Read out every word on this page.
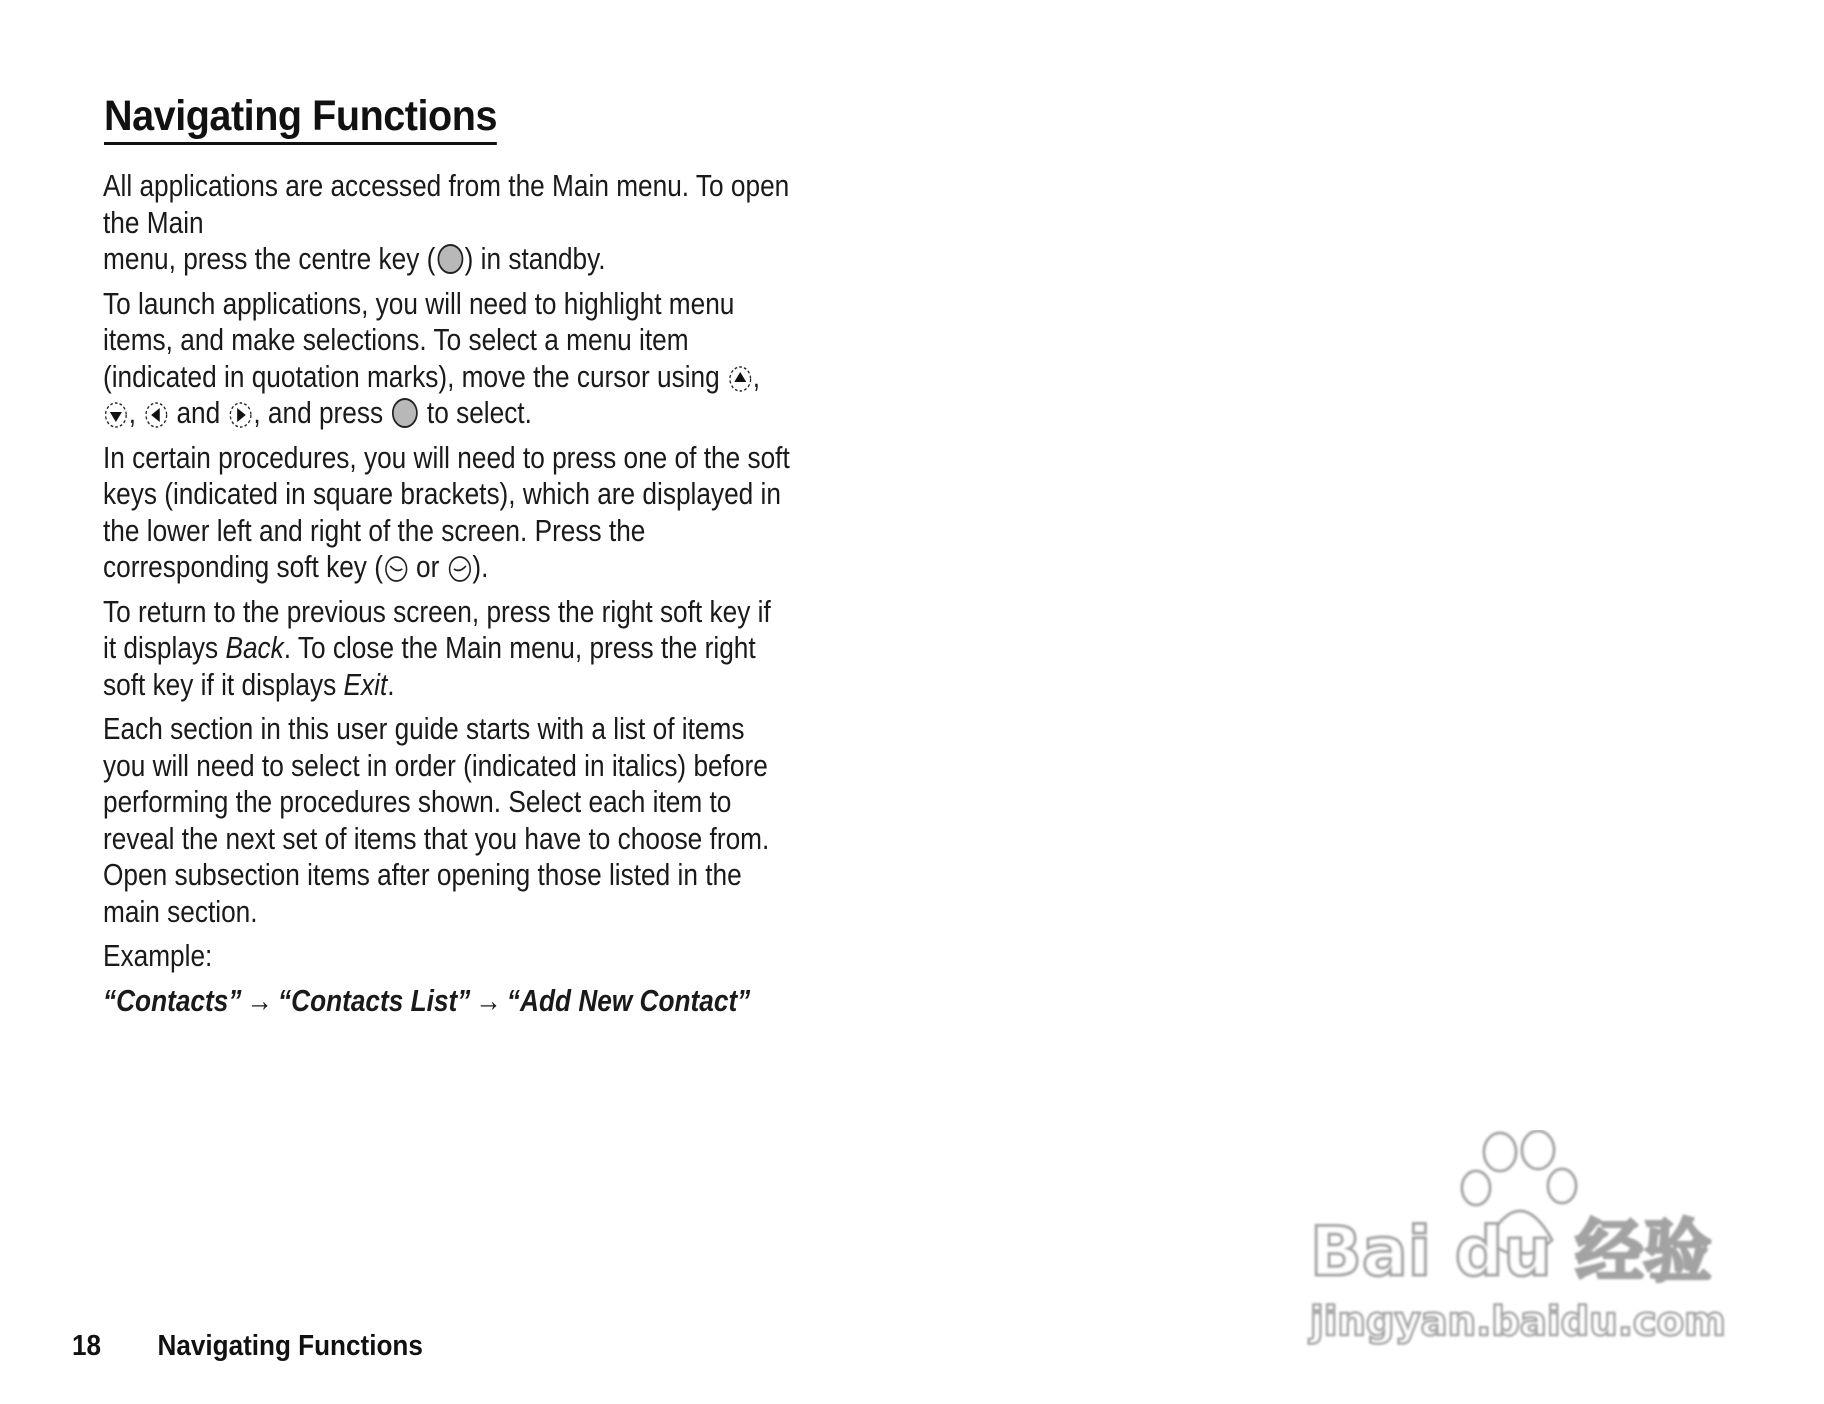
Navigating Functions

All applications are accessed from the Main menu. To open the Main
menu, press the centre key ( ) in standby.

To launch applications, you will need to highlight menu items, and make selections. To select a menu item (indicated in quotation marks), move the cursor using , ,  and , and press  to select.

In certain procedures, you will need to press one of the soft keys (indicated in square brackets), which are displayed in the lower left and right of the screen. Press the corresponding soft key ( or ).

To return to the previous screen, press the right soft key if it displays Back. To close the Main menu, press the right soft key if it displays Exit.

Each section in this user guide starts with a list of items you will need to select in order (indicated in italics) before performing the procedures shown. Select each item to reveal the next set of items that you have to choose from. Open subsection items after opening those listed in the main section.

Example:

“Contacts” → “Contacts List” → “Add New Contact”

18 Navigating Functions
Bai du 经验
jingyan.baidu.com
